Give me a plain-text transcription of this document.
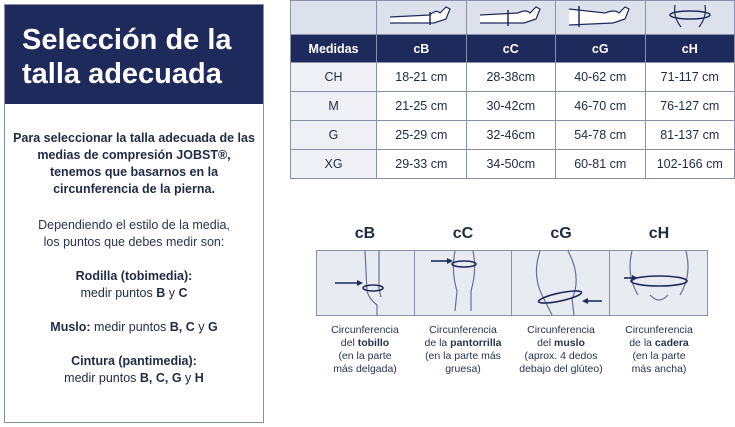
Selección de la
talla adecuada
Para seleccionar la talla adecuada de las medias de compresión JOBST®, tenemos que basarnos en la circunferencia de la pierna.
Dependiendo el estilo de la media,
los puntos que debes medir son:
Rodilla (tobimedia):
medir puntos B y C
Muslo: medir puntos B, C y G
Cintura (pantimedia):
medir puntos B, C, G y H

Medidas	cB	cC	cG	cH
CH	18-21 cm	28-38cm	40-62 cm	71-117 cm
M	21-25 cm	30-42cm	46-70 cm	76-127 cm
G	25-29 cm	32-46cm	54-78 cm	81-137 cm
XG	29-33 cm	34-50cm	60-81 cm	102-166 cm
cB	cC	cG	cH
Circunferencia
del tobillo
(en la parte
más delgada)
Circunferencia
de la pantorrilla
(en la parte más
gruesa)
Circunferencia
del muslo
(aprox. 4 dedos
debajo del glúteo)
Circunferencia
de la cadera
(en la parte
más ancha)
